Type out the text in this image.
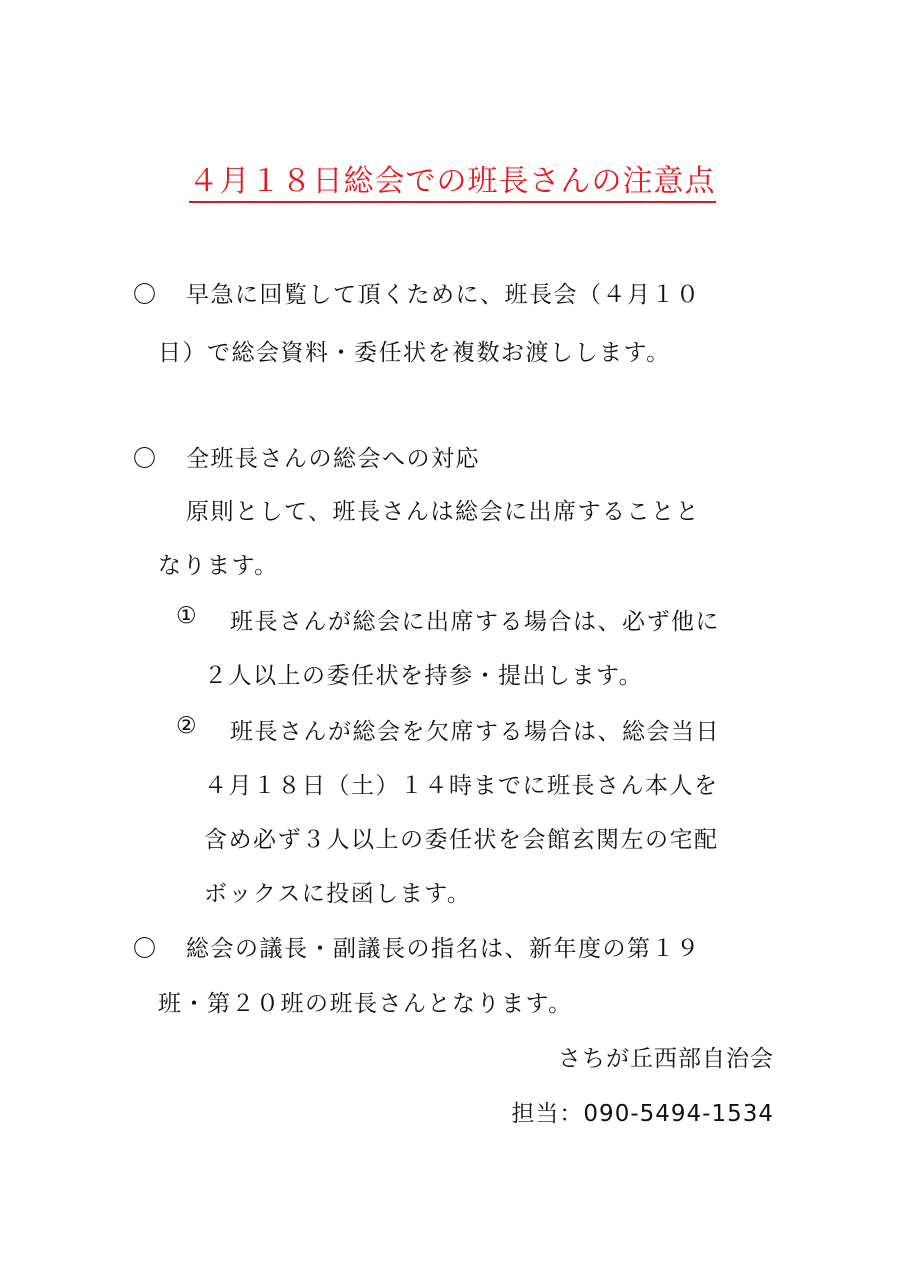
４月１８日総会での班長さんの注意点
〇 早急に回覧して頂くために、班長会（４月１０
日）で総会資料・委任状を複数お渡しします。
〇 全班長さんの総会への対応
原則として、班長さんは総会に出席することと
なります。
① 班長さんが総会に出席する場合は、必ず他に
２人以上の委任状を持参・提出します。
② 班長さんが総会を欠席する場合は、総会当日
４月１８日（土）１４時までに班長さん本人を
含め必ず３人以上の委任状を会館玄関左の宅配
ボックスに投函します。
〇 総会の議長・副議長の指名は、新年度の第１９
班・第２０班の班長さんとなります。
さちが丘西部自治会
担当：090-5494-1534
